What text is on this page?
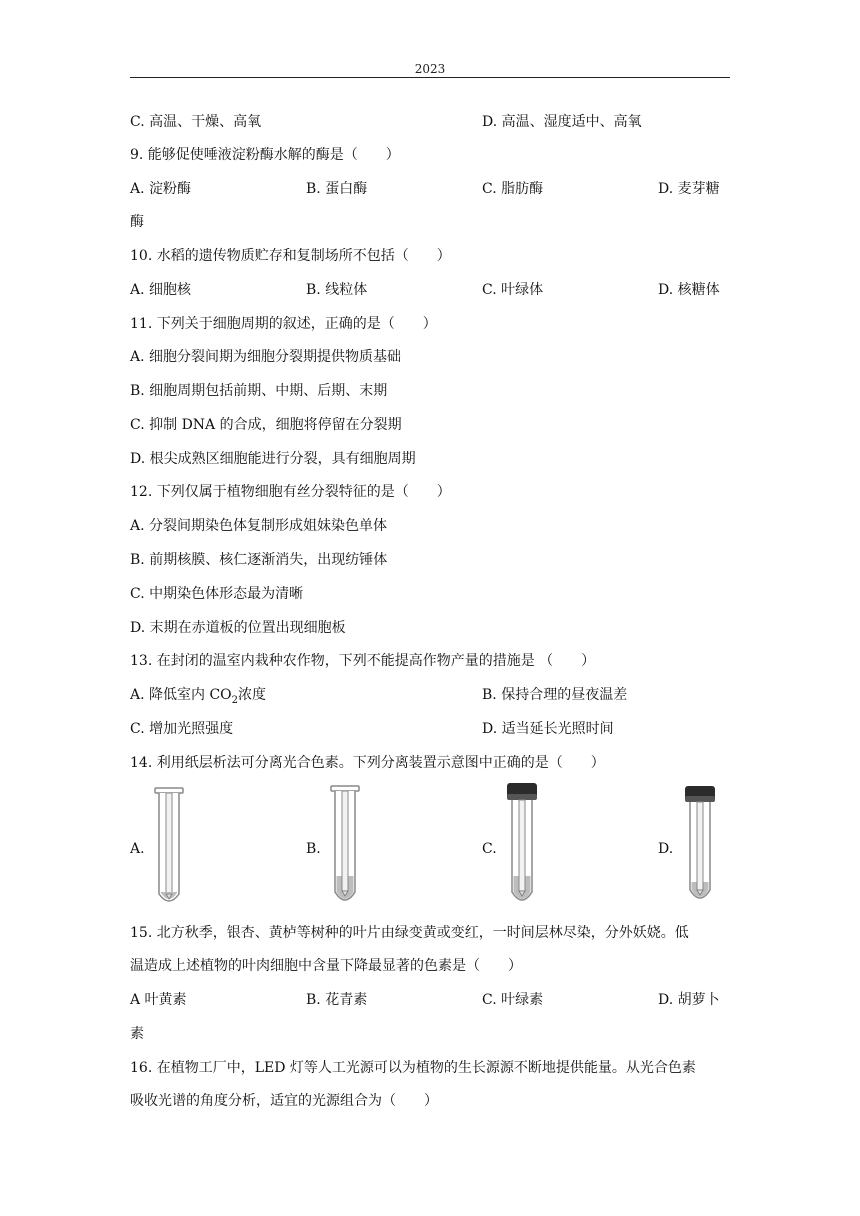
2023
C. 高温、干燥、高氧	D. 高温、湿度适中、高氧
9. 能够促使唾液淀粉酶水解的酶是（　　）
A. 淀粉酶	B. 蛋白酶	C. 脂肪酶	D. 麦芽糖
酶
10. 水稻的遗传物质贮存和复制场所不包括（　　）
A. 细胞核	B. 线粒体	C. 叶绿体	D. 核糖体
11. 下列关于细胞周期的叙述，正确的是（　　）
A. 细胞分裂间期为细胞分裂期提供物质基础
B. 细胞周期包括前期、中期、后期、末期
C. 抑制 DNA 的合成，细胞将停留在分裂期
D. 根尖成熟区细胞能进行分裂，具有细胞周期
12. 下列仅属于植物细胞有丝分裂特征的是（　　）
A. 分裂间期染色体复制形成姐妹染色单体
B. 前期核膜、核仁逐渐消失，出现纺锤体
C. 中期染色体形态最为清晰
D. 末期在赤道板的位置出现细胞板
13. 在封闭的温室内栽种农作物，下列不能提高作物产量的措施是 （　　）
A. 降低室内 $CO_2$浓度	B. 保持合理的昼夜温差
C. 增加光照强度	D. 适当延长光照时间
14. 利用纸层析法可分离光合色素。下列分离装置示意图中正确的是（　　）
A.	B.	C.	D.
15. 北方秋季，银杏、黄栌等树种的叶片由绿变黄或变红，一时间层林尽染，分外妖娆。低
温造成上述植物的叶肉细胞中含量下降最显著的色素是（　　）
A 叶黄素	B. 花青素	C. 叶绿素	D. 胡萝卜
素
16. 在植物工厂中，LED 灯等人工光源可以为植物的生长源源不断地提供能量。从光合色素
吸收光谱的角度分析，适宜的光源组合为（　　）
